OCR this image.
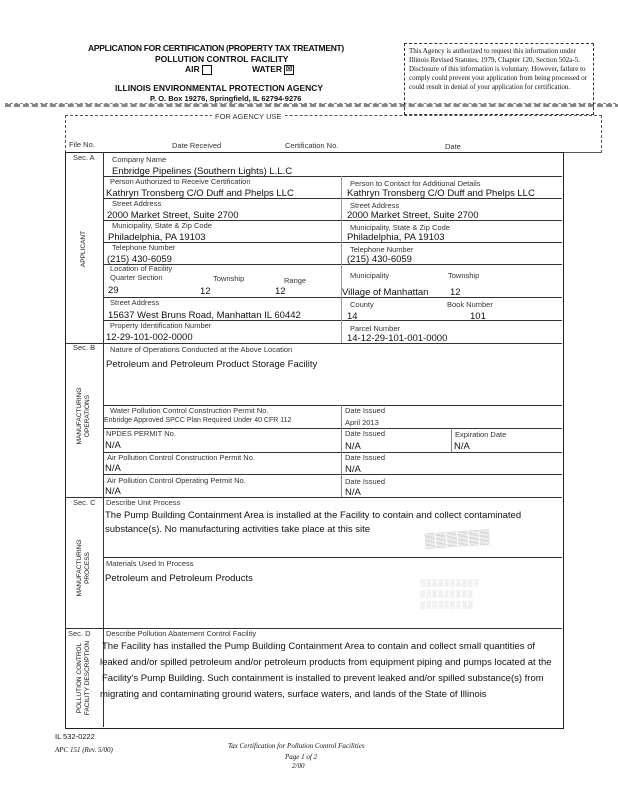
APPLICATION FOR CERTIFICATION (PROPERTY TAX TREATMENT)
POLLUTION CONTROL FACILITY
AIR	WATER ☒
ILLINOIS ENVIRONMENTAL PROTECTION AGENCY
P. O. Box 19276, Springfield, IL 62794-9276
This Agency is authorized to request this information under Illinois Revised Statutes, 1979, Chapter 120, Section 502a-5. Disclosure of this information is voluntary. However, failure to comply could prevent your application from being processed or could result in denial of your application for certification.
FOR AGENCY USE
File No.	Date Received	Certification No.	Date
Sec. A
APPLICANT
Company Name
Enbridge Pipelines (Southern Lights) L.L.C
Person Authorized to Receive Certification
Kathryn Tronsberg C/O Duff and Phelps LLC
Person to Contact for Additional Details
Kathryn Tronsberg C/O Duff and Phelps LLC
Street Address
2000 Market Street, Suite 2700
Street Address
2000 Market Street, Suite 2700
Municipality, State & Zip Code
Philadelphia, PA 19103
Municipality, State & Zip Code
Philadelphia, PA 19103
Telephone Number
(215) 430-6059
Telephone Number
(215) 430-6059
Location of Facility
Quarter Section	Township	Range
29	12	12
Municipality	Township
Village of Manhattan 12
Street Address
15637 West Bruns Road, Manhattan IL 60442
County
14
Book Number
101
Property Identification Number
12-29-101-002-0000
Parcel Number
14-12-29-101-001-0000
Sec. B
MANUFACTURING OPERATIONS
Nature of Operations Conducted at the Above Location
Petroleum and Petroleum Product Storage Facility
Water Pollution Control Construction Permit No.
Enbridge Approved SPCC Plan Required Under 40 CFR 112
Date Issued
April 2013
NPDES PERMIT No.
N/A
Date Issued
N/A
Expiration Date
N/A
Air Pollution Control Construction Permit No.
N/A
Date Issued
N/A
Air Pollution Control Operating Permit No.
N/A
Date Issued
N/A
Sec. C
MANUFACTURING PROCESS
Describe Unit Process
The Pump Building Containment Area is installed at the Facility to contain and collect contaminated
substance(s). No manufacturing activities take place at this site
Materials Used In Process
Petroleum and Petroleum Products
▒▒▒▒▒▒
░░░░░░░░░░
░░░░░░░░░
░░░░░░░░░
Sec. D
POLLUTION CONTROL FACILITY DESCRIPTION
Describe Pollution Abatement Control Facility
The Facility has installed the Pump Building Containment Area to contain and collect small quantities of
leaked and/or spilled petroleum and/or petroleum products from equipment piping and pumps located at the
Facility's Pump Building. Such containment is installed to prevent leaked and/or spilled substance(s) from
migrating and contaminating ground waters, surface waters, and lands of the State of Illinois
IL 532-0222
APC 151 (Rev. 5/00)	Tax Certification for Pollution Control Facilities
Page 1 of 2
2/00
